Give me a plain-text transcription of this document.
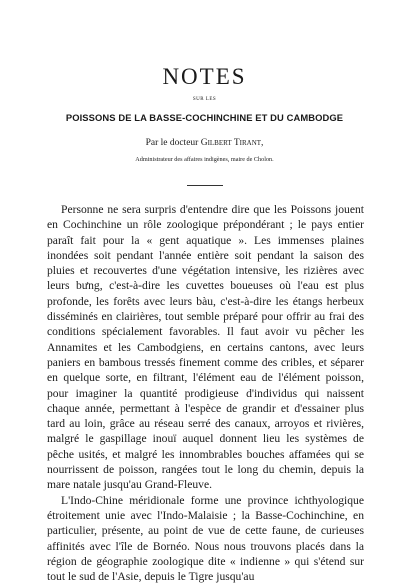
NOTES
SUR LES
POISSONS DE LA BASSE-COCHINCHINE ET DU CAMBODGE
Par le docteur Gilbert Tirant,
Administrateur des affaires indigènes, maire de Cholon.

Personne ne sera surpris d'entendre dire que les Poissons jouent en Cochinchine un rôle zoologique prépondérant ; le pays entier paraît fait pour la « gent aquatique ». Les immenses plaines inondées soit pendant l'année entière soit pendant la saison des pluies et recouvertes d'une végétation intensive, les rizières avec leurs bưng, c'est-à-dire les cuvettes boueuses où l'eau est plus profonde, les forêts avec leurs bàu, c'est-à-dire les étangs herbeux disséminés en clairières, tout semble préparé pour offrir au frai des conditions spécialement favorables. Il faut avoir vu pêcher les Annamites et les Cambodgiens, en certains cantons, avec leurs paniers en bambous tressés finement comme des cribles, et séparer en quelque sorte, en filtrant, l'élément eau de l'élément poisson, pour imaginer la quantité prodigieuse d'individus qui naissent chaque année, permettant à l'espèce de grandir et d'essainer plus tard au loin, grâce au réseau serré des canaux, arroyos et rivières, malgré le gaspillage inouï auquel donnent lieu les systèmes de pêche usités, et malgré les innombrables bouches affamées qui se nourrissent de poisson, rangées tout le long du chemin, depuis la mare natale jusqu'au Grand-Fleuve.

L'Indo-Chine méridionale forme une province ichthyologique étroitement unie avec l'Indo-Malaisie ; la Basse-Cochinchine, en particulier, présente, au point de vue de cette faune, de curieuses affinités avec l'île de Bornéo. Nous nous trouvons placés dans la région de géographie zoologique dite « indienne » qui s'étend sur tout le sud de l'Asie, depuis le Tigre jusqu'au
